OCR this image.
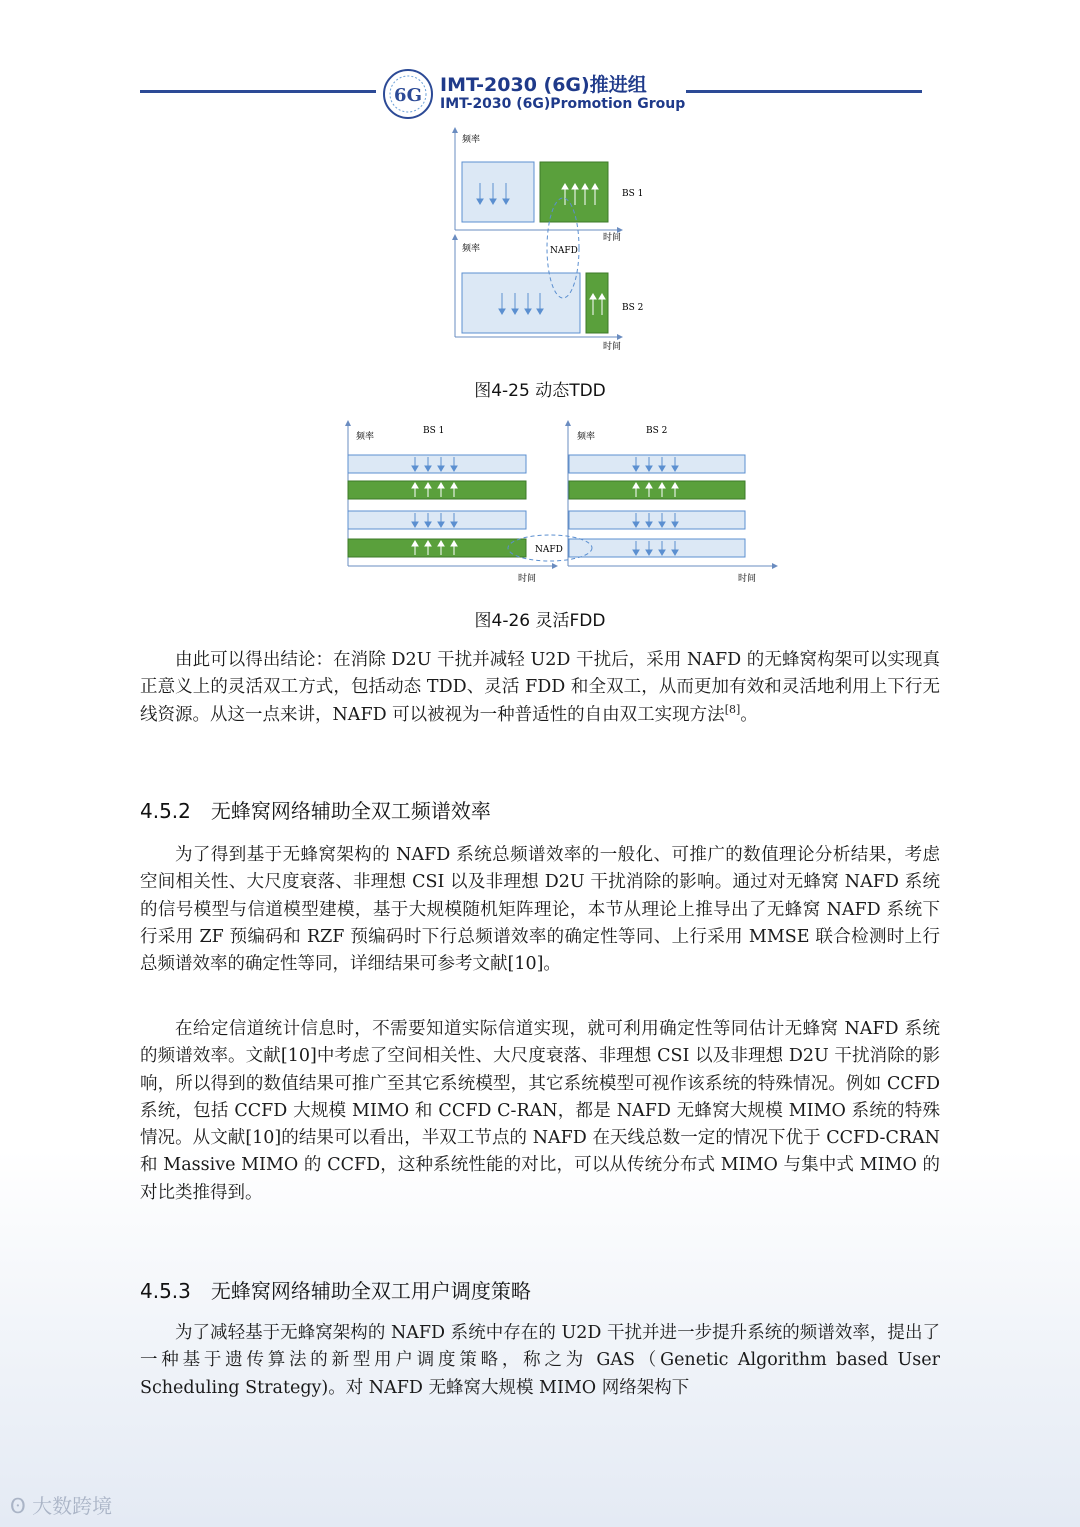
6G IMT-2030 (6G)推进组
IMT-2030 (6G)Promotion Group
频率
BS 1
时间
频率
BS 2
时间
NAFD
图4-25 动态TDD
频率
BS 1
时间
频率
BS 2
时间
NAFD
图4-26 灵活FDD
由此可以得出结论：在消除 D2U 干扰并减轻 U2D 干扰后，采用 NAFD 的无蜂窝构架可以实现真正意义上的灵活双工方式，包括动态 TDD、灵活 FDD 和全双工，从而更加有效和灵活地利用上下行无线资源。从这一点来讲，NAFD 可以被视为一种普适性的自由双工实现方法[8]。
4.5.2 无蜂窝网络辅助全双工频谱效率
为了得到基于无蜂窝架构的 NAFD 系统总频谱效率的一般化、可推广的数值理论分析结果，考虑空间相关性、大尺度衰落、非理想 CSI 以及非理想 D2U 干扰消除的影响。通过对无蜂窝 NAFD 系统的信号模型与信道模型建模，基于大规模随机矩阵理论，本节从理论上推导出了无蜂窝 NAFD 系统下行采用 ZF 预编码和 RZF 预编码时下行总频谱效率的确定性等同、上行采用 MMSE 联合检测时上行总频谱效率的确定性等同，详细结果可参考文献[10]。
在给定信道统计信息时，不需要知道实际信道实现，就可利用确定性等同估计无蜂窝 NAFD 系统的频谱效率。文献[10]中考虑了空间相关性、大尺度衰落、非理想 CSI 以及非理想 D2U 干扰消除的影响，所以得到的数值结果可推广至其它系统模型，其它系统模型可视作该系统的特殊情况。例如 CCFD 系统，包括 CCFD 大规模 MIMO 和 CCFD C-RAN，都是 NAFD 无蜂窝大规模 MIMO 系统的特殊情况。从文献[10]的结果可以看出，半双工节点的 NAFD 在天线总数一定的情况下优于 CCFD-CRAN 和 Massive MIMO 的 CCFD，这种系统性能的对比，可以从传统分布式 MIMO 与集中式 MIMO 的对比类推得到。
4.5.3 无蜂窝网络辅助全双工用户调度策略
为了减轻基于无蜂窝架构的 NAFD 系统中存在的 U2D 干扰并进一步提升系统的频谱效率，提出了一种基于遗传算法的新型用户调度策略，称之为 GAS（Genetic Algorithm based User Scheduling Strategy)。对 NAFD 无蜂窝大规模 MIMO 网络架构下
ʘ 大数跨境
